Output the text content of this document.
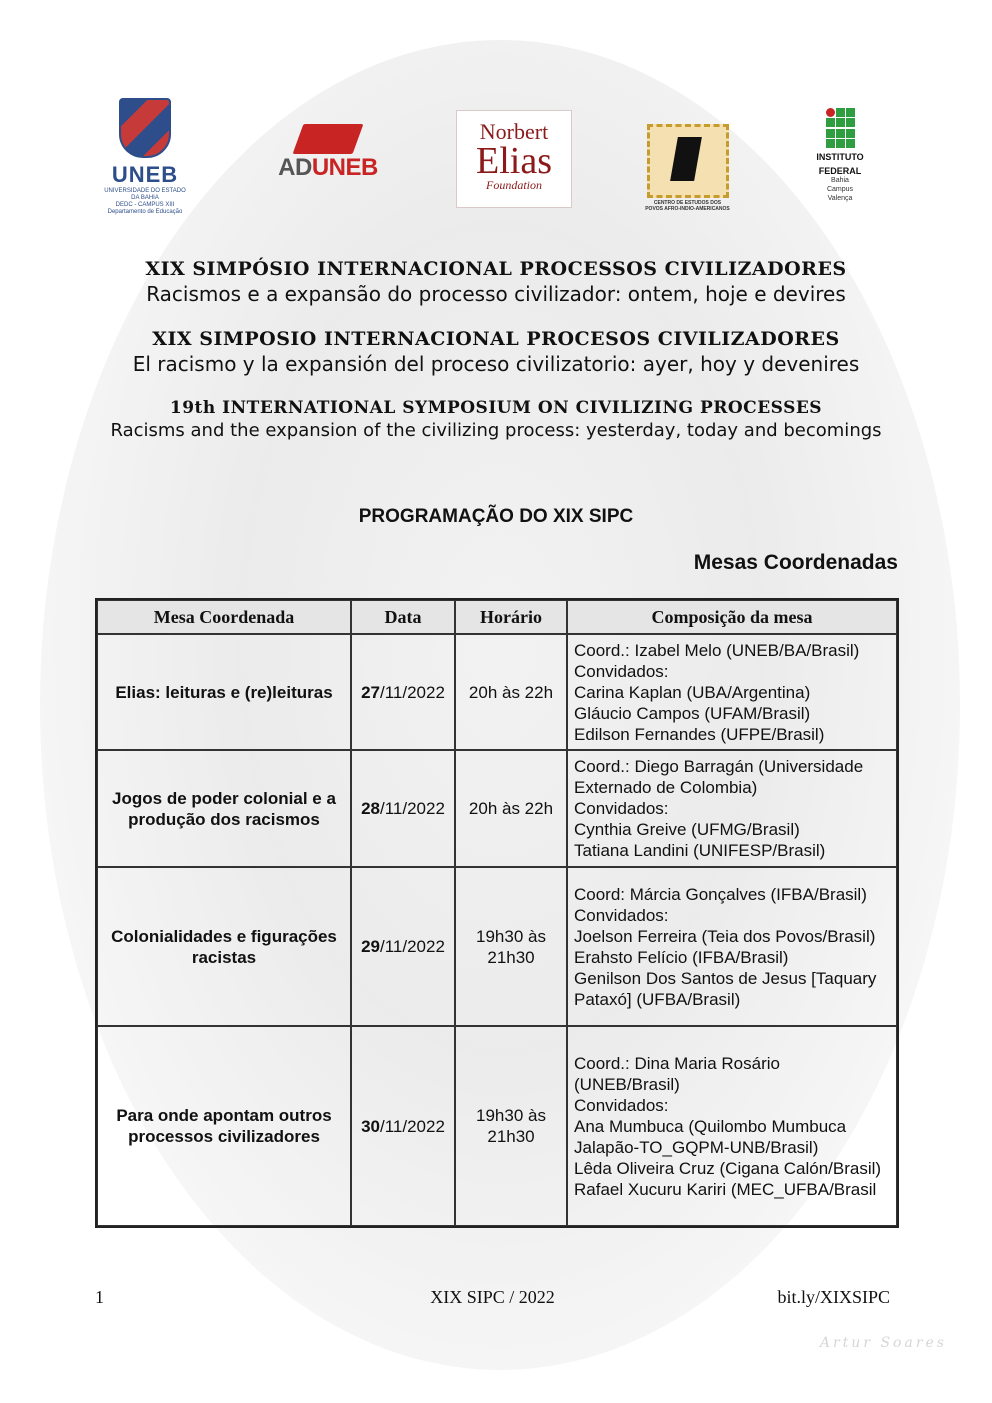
Artur Soares
UNEB
UNIVERSIDADE DO ESTADO DA BAHIA
DEDC - CAMPUS XIII
Departamento de Educação
ADUNEB
Norbert
Elias
Foundation
CENTRO DE ESTUDOS DOS POVOS AFRO-INDIO-AMERICANOS
INSTITUTO
FEDERAL
Bahia
Campus
Valença

XIX SIMPÓSIO INTERNACIONAL PROCESSOS CIVILIZADORES

Racismos e a expansão do processo civilizador: ontem, hoje e devires

XIX SIMPOSIO INTERNACIONAL PROCESOS CIVILIZADORES

El racismo y la expansión del proceso civilizatorio: ayer, hoy y devenires

19th INTERNATIONAL SYMPOSIUM ON CIVILIZING PROCESSES

Racisms and the expansion of the civilizing process: yesterday, today and becomings

PROGRAMAÇÃO DO XIX SIPC
Mesas Coordenadas
Mesa Coordenada	Data	Horário	Composição da mesa
Elias: leituras e (re)leituras	27/11/2022	20h às 22h	Coord.: Izabel Melo (UNEB/BA/Brasil)
Convidados:
Carina Kaplan (UBA/Argentina)
Gláucio Campos (UFAM/Brasil)
Edilson Fernandes (UFPE/Brasil)

Jogos de poder colonial e a produção dos racismos	28/11/2022	20h às 22h	Coord.: Diego Barragán (Universidade Externado de Colombia)
Convidados:
Cynthia Greive (UFMG/Brasil)
Tatiana Landini (UNIFESP/Brasil)

Colonialidades e figurações racistas	29/11/2022	19h30 às 21h30	Coord: Márcia Gonçalves (IFBA/Brasil)
Convidados:
Joelson Ferreira (Teia dos Povos/Brasil)
Erahsto Felício (IFBA/Brasil)
Genilson Dos Santos de Jesus [Taquary Pataxó] (UFBA/Brasil)

Para onde apontam outros processos civilizadores	30/11/2022	19h30 às 21h30	Coord.: Dina Maria Rosário (UNEB/Brasil)
Convidados:
Ana Mumbuca (Quilombo Mumbuca Jalapão-TO_GQPM-UNB/Brasil)
Lêda Oliveira Cruz (Cigana Calón/Brasil)
Rafael Xucuru Kariri (MEC_UFBA/Brasil
1	XIX SIPC / 2022	bit.ly/XIXSIPC
